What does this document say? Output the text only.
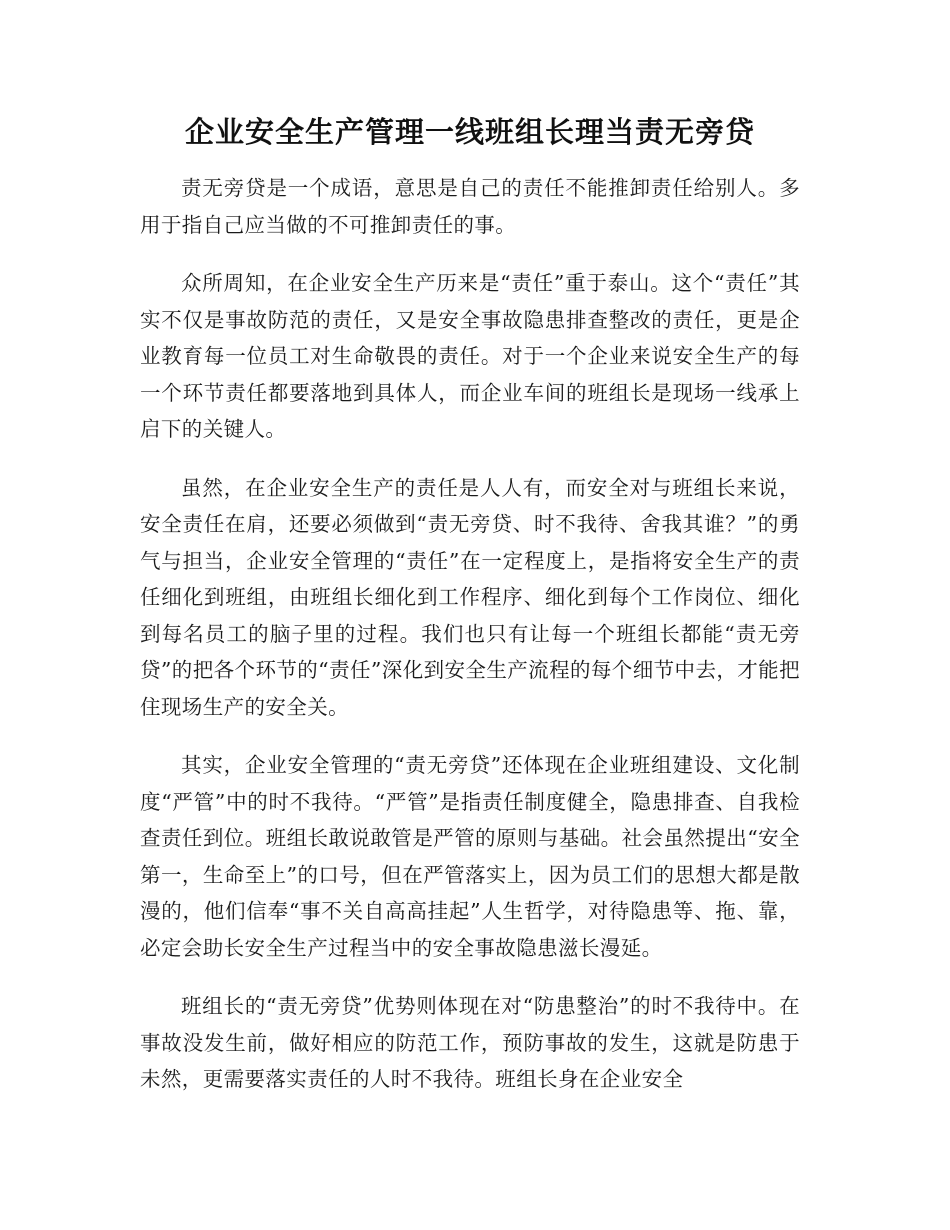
企业安全生产管理一线班组长理当责无旁贷

责无旁贷是一个成语，意思是自己的责任不能推卸责任给别人。多用于指自己应当做的不可推卸责任的事。

众所周知，在企业安全生产历来是“责任”重于泰山。这个“责任”其实不仅是事故防范的责任，又是安全事故隐患排查整改的责任，更是企业教育每一位员工对生命敬畏的责任。对于一个企业来说安全生产的每一个环节责任都要落地到具体人，而企业车间的班组长是现场一线承上启下的关键人。

虽然，在企业安全生产的责任是人人有，而安全对与班组长来说，安全责任在肩，还要必须做到“责无旁贷、时不我待、舍我其谁？”的勇气与担当，企业安全管理的“责任”在一定程度上，是指将安全生产的责任细化到班组，由班组长细化到工作程序、细化到每个工作岗位、细化到每名员工的脑子里的过程。我们也只有让每一个班组长都能“责无旁贷”的把各个环节的“责任”深化到安全生产流程的每个细节中去，才能把住现场生产的安全关。

其实，企业安全管理的“责无旁贷”还体现在企业班组建设、文化制度“严管”中的时不我待。“严管”是指责任制度健全，隐患排查、自我检查责任到位。班组长敢说敢管是严管的原则与基础。社会虽然提出“安全第一，生命至上”的口号，但在严管落实上，因为员工们的思想大都是散漫的，他们信奉“事不关自高高挂起”人生哲学，对待隐患等、拖、靠，必定会助长安全生产过程当中的安全事故隐患滋长漫延。

班组长的“责无旁贷”优势则体现在对“防患整治”的时不我待中。在事故没发生前，做好相应的防范工作，预防事故的发生，这就是防患于未然，更需要落实责任的人时不我待。班组长身在企业安全
